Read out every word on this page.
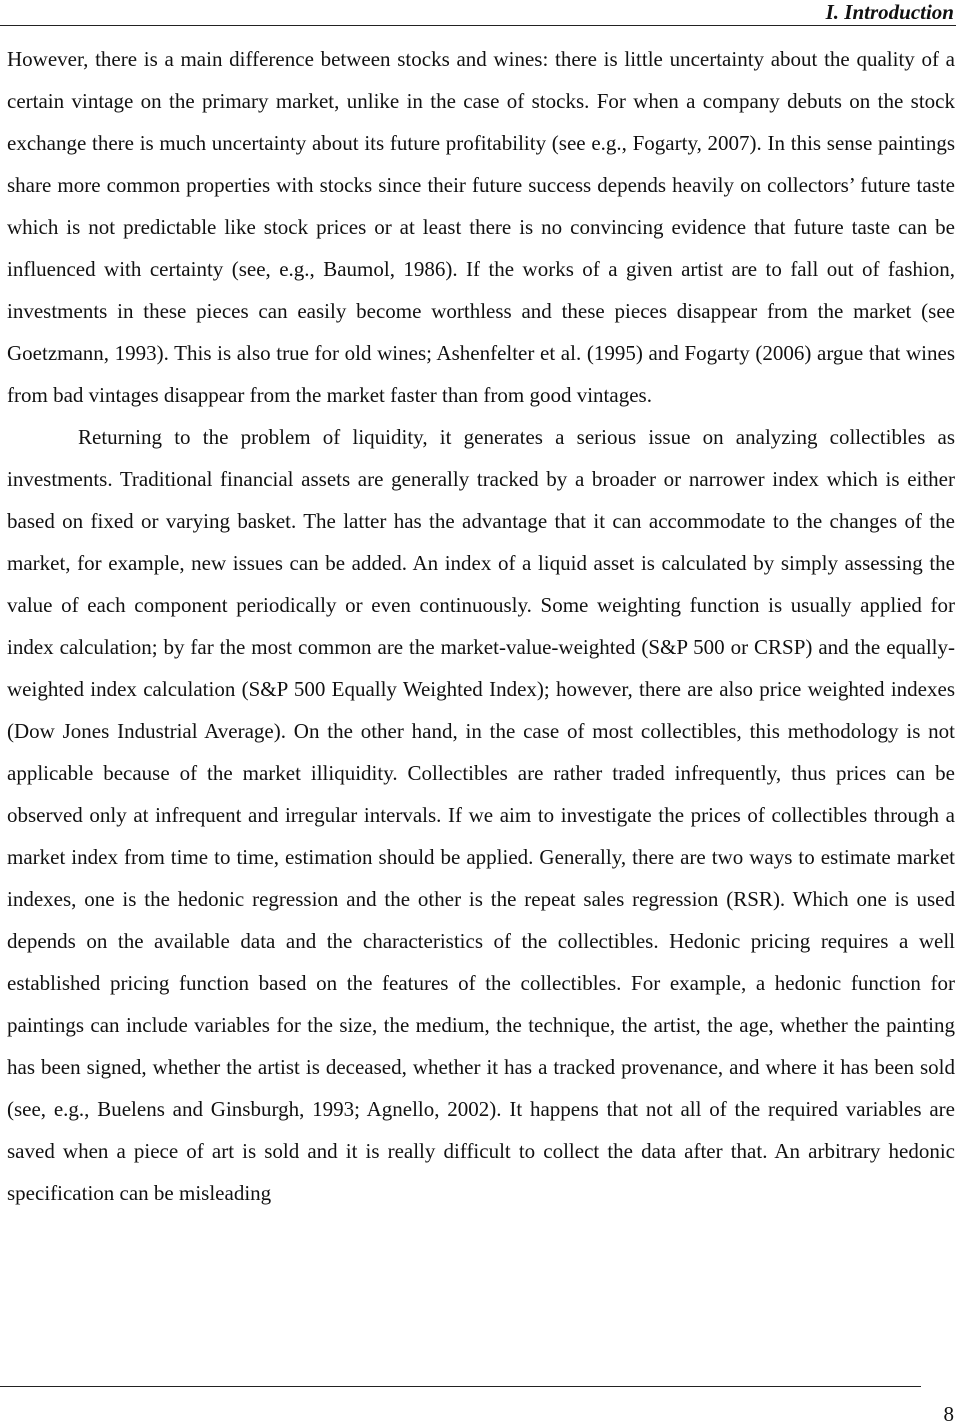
I. Introduction

However, there is a main difference between stocks and wines: there is little uncertainty about the quality of a certain vintage on the primary market, unlike in the case of stocks. For when a company debuts on the stock exchange there is much uncertainty about its future profitability (see e.g., Fogarty, 2007). In this sense paintings share more common properties with stocks since their future success depends heavily on collectors’ future taste which is not predictable like stock prices or at least there is no convincing evidence that future taste can be influenced with certainty (see, e.g., Baumol, 1986). If the works of a given artist are to fall out of fashion, investments in these pieces can easily become worthless and these pieces disappear from the market (see Goetzmann, 1993). This is also true for old wines; Ashenfelter et al. (1995) and Fogarty (2006) argue that wines from bad vintages disappear from the market faster than from good vintages.

Returning to the problem of liquidity, it generates a serious issue on analyzing collectibles as investments. Traditional financial assets are generally tracked by a broader or narrower index which is either based on fixed or varying basket. The latter has the advantage that it can accommodate to the changes of the market, for example, new issues can be added. An index of a liquid asset is calculated by simply assessing the value of each component periodically or even continuously. Some weighting function is usually applied for index calculation; by far the most common are the market-value-weighted (S&P 500 or CRSP) and the equally-weighted index calculation (S&P 500 Equally Weighted Index); however, there are also price weighted indexes (Dow Jones Industrial Average). On the other hand, in the case of most collectibles, this methodology is not applicable because of the market illiquidity. Collectibles are rather traded infrequently, thus prices can be observed only at infrequent and irregular intervals. If we aim to investigate the prices of collectibles through a market index from time to time, estimation should be applied. Generally, there are two ways to estimate market indexes, one is the hedonic regression and the other is the repeat sales regression (RSR). Which one is used depends on the available data and the characteristics of the collectibles. Hedonic pricing requires a well established pricing function based on the features of the collectibles. For example, a hedonic function for paintings can include variables for the size, the medium, the technique, the artist, the age, whether the painting has been signed, whether the artist is deceased, whether it has a tracked provenance, and where it has been sold (see, e.g., Buelens and Ginsburgh, 1993; Agnello, 2002). It happens that not all of the required variables are saved when a piece of art is sold and it is really difficult to collect the data after that. An arbitrary hedonic specification can be misleading

8
